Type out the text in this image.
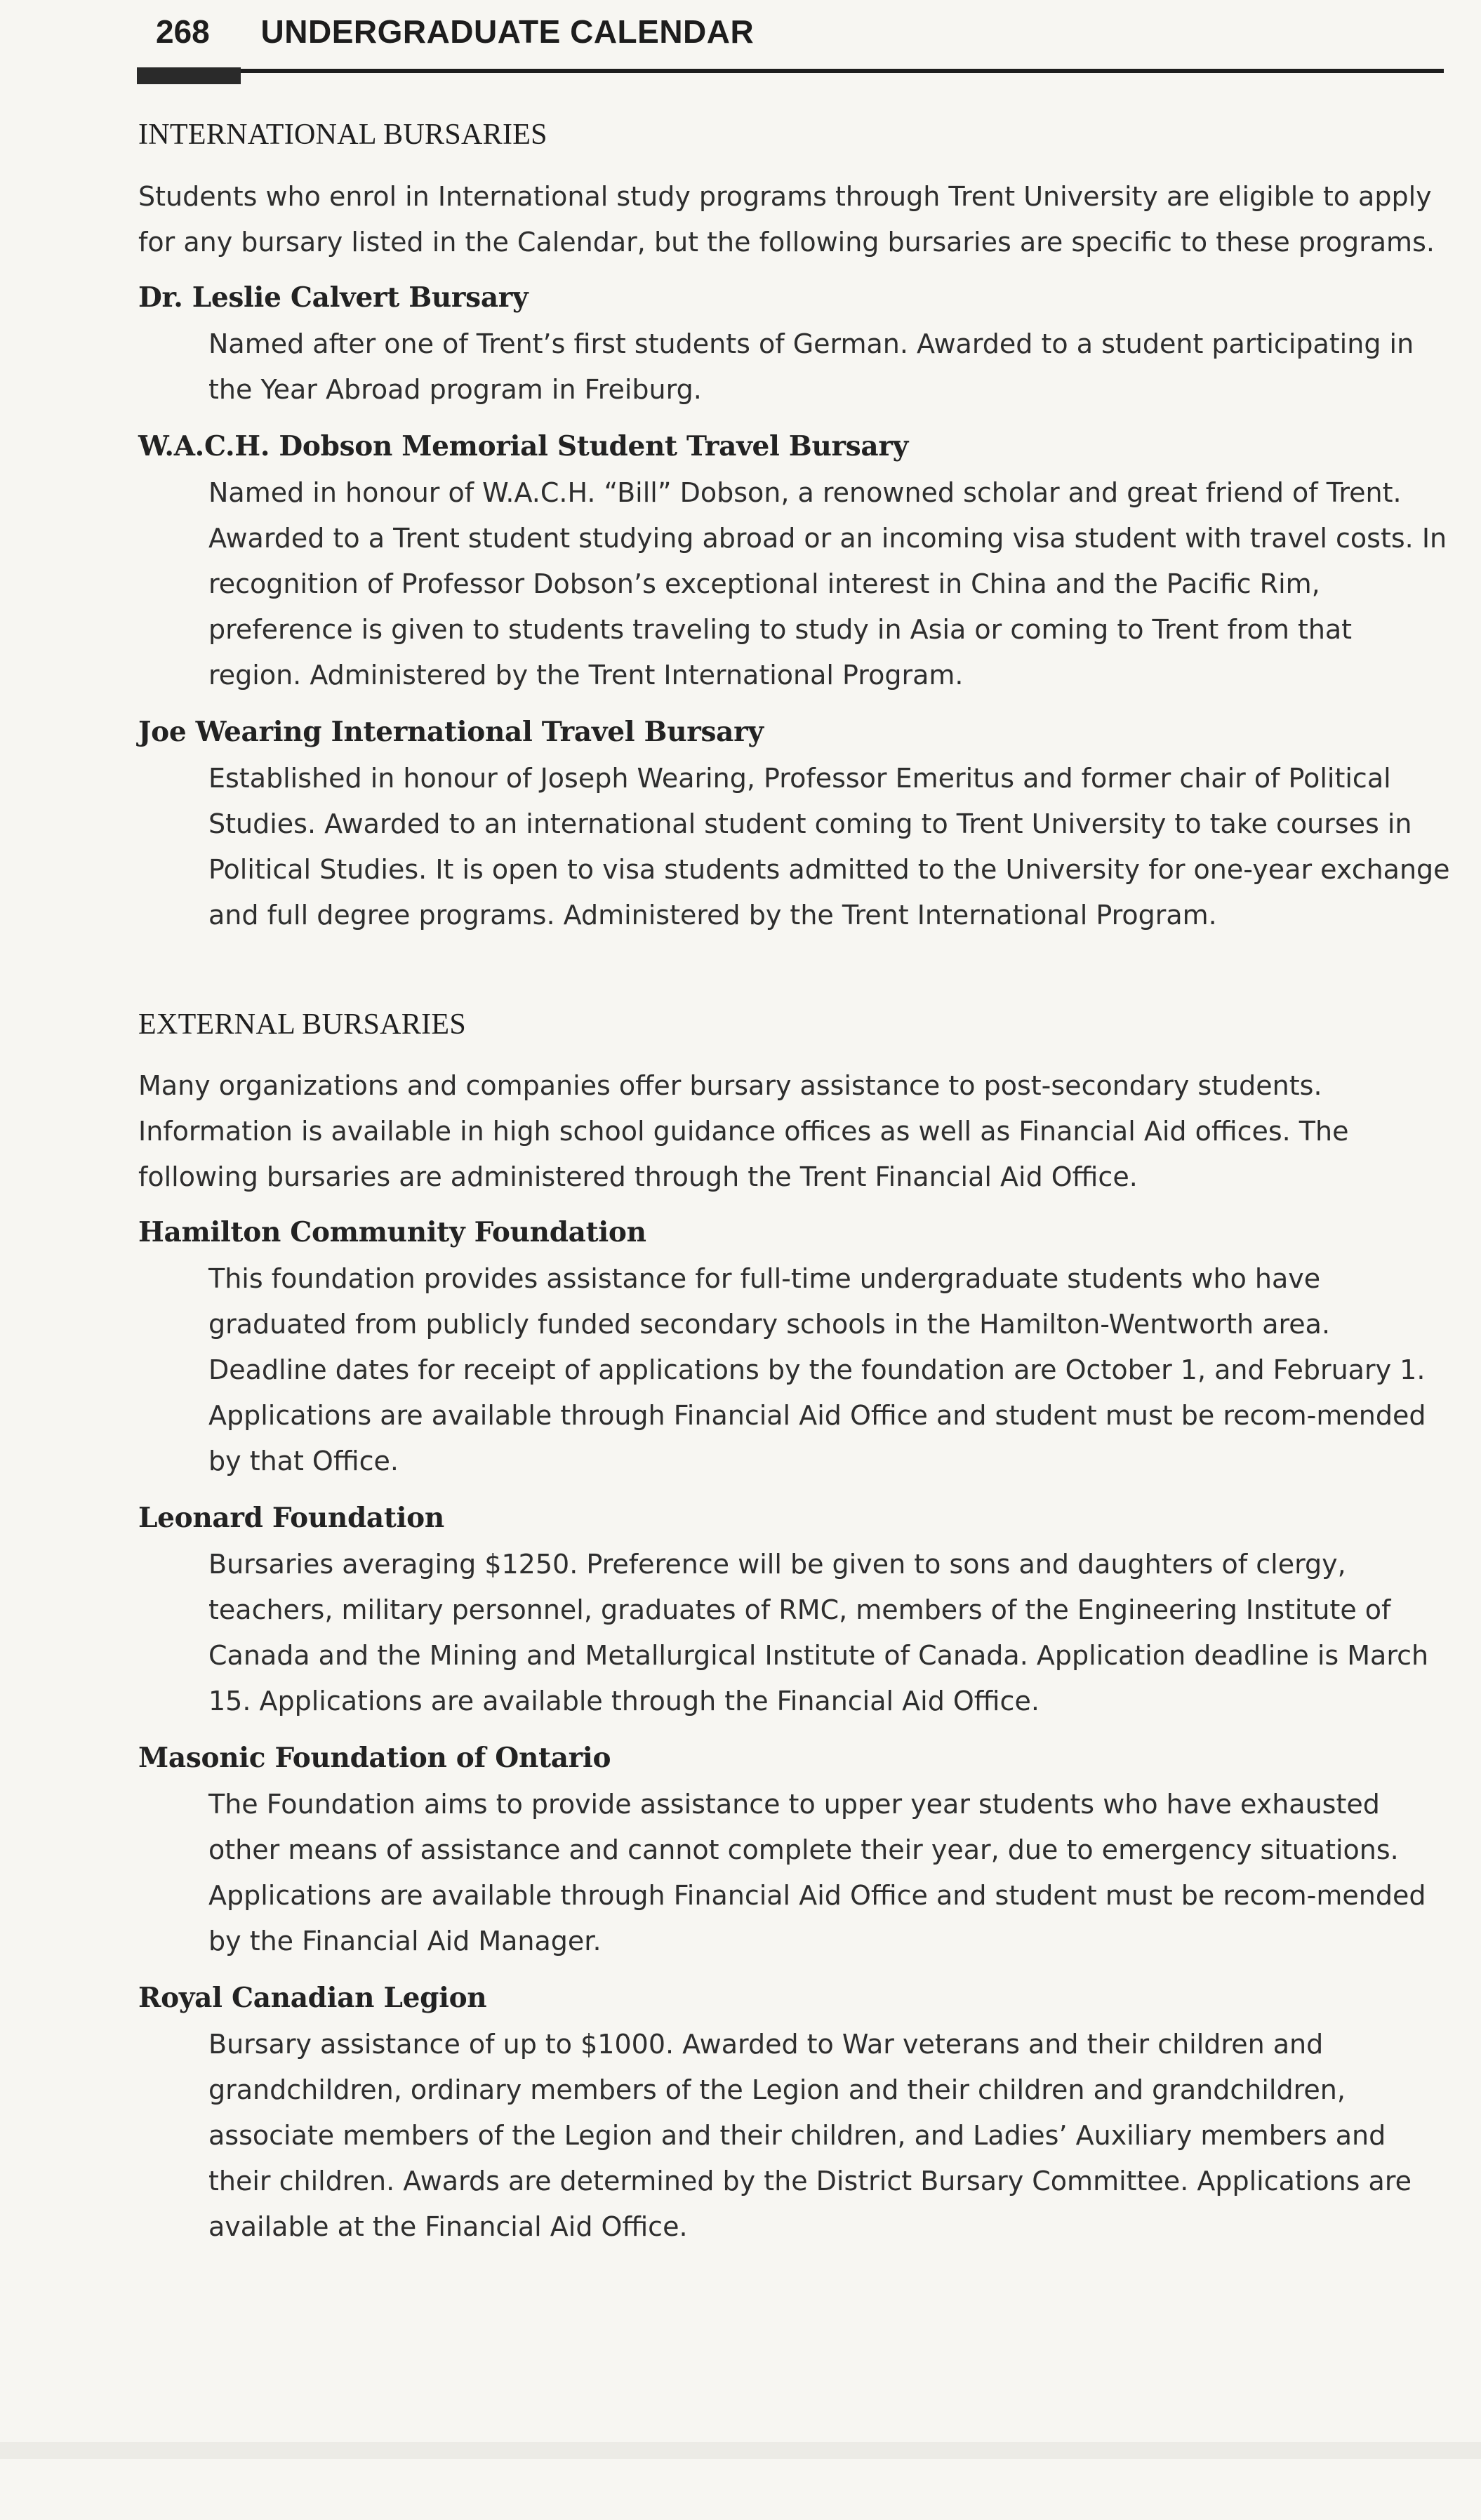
268 UNDERGRADUATE CALENDAR
INTERNATIONAL BURSARIES

Students who enrol in International study programs through Trent University are eligible to apply for any bursary listed in the Calendar, but the following bursaries are specific to these programs.

Dr. Leslie Calvert Bursary
Named after one of Trent’s first students of German. Awarded to a student participating in the Year Abroad program in Freiburg.
W.A.C.H. Dobson Memorial Student Travel Bursary
Named in honour of W.A.C.H. “Bill” Dobson, a renowned scholar and great friend of Trent. Awarded to a Trent student studying abroad or an incoming visa student with travel costs. In recognition of Professor Dobson’s exceptional interest in China and the Pacific Rim, preference is given to students traveling to study in Asia or coming to Trent from that region. Administered by the Trent International Program.
Joe Wearing International Travel Bursary
Established in honour of Joseph Wearing, Professor Emeritus and former chair of Political Studies. Awarded to an international student coming to Trent University to take courses in Political Studies. It is open to visa students admitted to the University for one-year exchange and full degree programs. Administered by the Trent International Program.
EXTERNAL BURSARIES

Many organizations and companies offer bursary assistance to post-secondary students. Information is available in high school guidance offices as well as Financial Aid offices. The following bursaries are administered through the Trent Financial Aid Office.

Hamilton Community Foundation
This foundation provides assistance for full-time undergraduate students who have graduated from publicly funded secondary schools in the Hamilton-Wentworth area. Deadline dates for receipt of applications by the foundation are October 1, and February 1. Applications are available through Financial Aid Office and student must be recom-mended by that Office.
Leonard Foundation
Bursaries averaging $1250. Preference will be given to sons and daughters of clergy, teachers, military personnel, graduates of RMC, members of the Engineering Institute of Canada and the Mining and Metallurgical Institute of Canada. Application deadline is March 15. Applications are available through the Financial Aid Office.
Masonic Foundation of Ontario
The Foundation aims to provide assistance to upper year students who have exhausted other means of assistance and cannot complete their year, due to emergency situations. Applications are available through Financial Aid Office and student must be recom-mended by the Financial Aid Manager.
Royal Canadian Legion
Bursary assistance of up to $1000. Awarded to War veterans and their children and grandchildren, ordinary members of the Legion and their children and grandchildren, associate members of the Legion and their children, and Ladies’ Auxiliary members and their children. Awards are determined by the District Bursary Committee. Applications are available at the Financial Aid Office.
